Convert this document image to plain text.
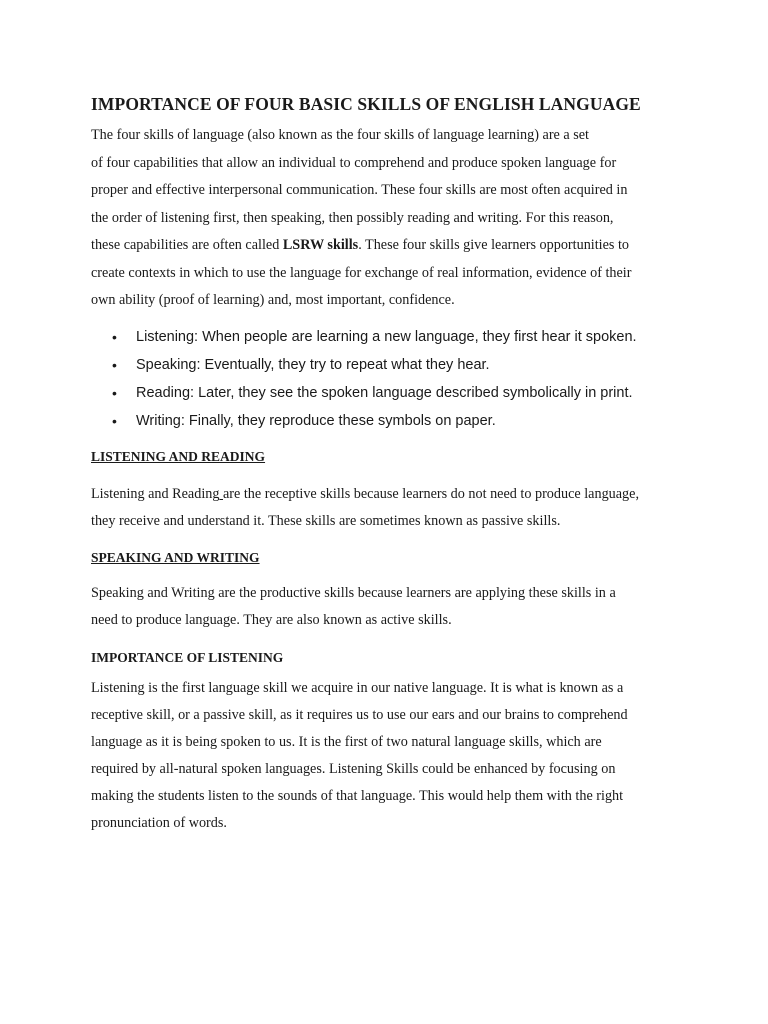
IMPORTANCE OF FOUR BASIC SKILLS OF ENGLISH LANGUAGE

The four skills of language (also known as the four skills of language learning) are a set
of four capabilities that allow an individual to comprehend and produce spoken language for
proper and effective interpersonal communication. These four skills are most often acquired in
the order of listening first, then speaking, then possibly reading and writing. For this reason,
these capabilities are often called LSRW skills. These four skills give learners opportunities to
create contexts in which to use the language for exchange of real information, evidence of their
own ability (proof of learning) and, most important, confidence.

• Listening: When people are learning a new language, they first hear it spoken.
• Speaking: Eventually, they try to repeat what they hear.
• Reading: Later, they see the spoken language described symbolically in print.
• Writing: Finally, they reproduce these symbols on paper.
LISTENING AND READING

Listening and Reading are the receptive skills because learners do not need to produce language,
they receive and understand it. These skills are sometimes known as passive skills.

SPEAKING AND WRITING

Speaking and Writing are the productive skills because learners are applying these skills in a
need to produce language. They are also known as active skills.

IMPORTANCE OF LISTENING

Listening is the first language skill we acquire in our native language. It is what is known as a
receptive skill, or a passive skill, as it requires us to use our ears and our brains to comprehend
language as it is being spoken to us. It is the first of two natural language skills, which are
required by all-natural spoken languages. Listening Skills could be enhanced by focusing on
making the students listen to the sounds of that language. This would help them with the right
pronunciation of words.
